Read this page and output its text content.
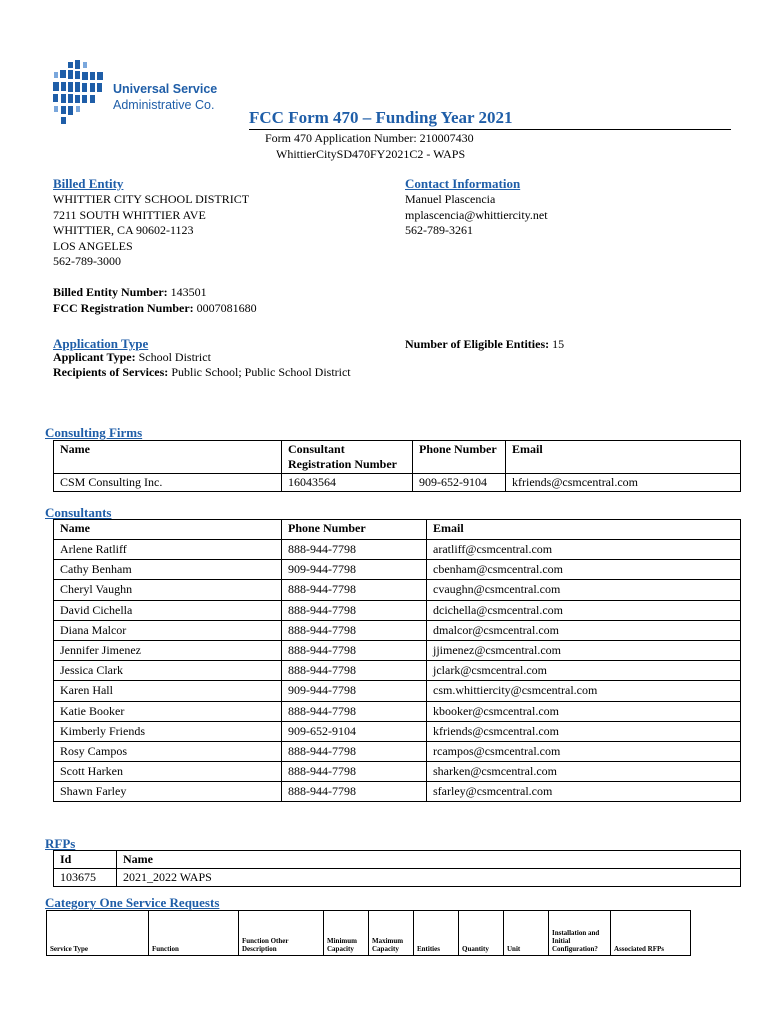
Universal Service
Administrative Co.
FCC Form 470 – Funding Year 2021
Form 470 Application Number: 210007430
WhittierCitySD470FY2021C2 - WAPS
Billed Entity
WHITTIER CITY SCHOOL DISTRICT
7211 SOUTH WHITTIER AVE
WHITTIER, CA 90602-1123
LOS ANGELES
562-789-3000
Contact Information
Manuel Plascencia
mplascencia@whittiercity.net
562-789-3261
Billed Entity Number: 143501
FCC Registration Number: 0007081680
Application Type
Applicant Type: School District
Recipients of Services: Public School; Public School District
Number of Eligible Entities: 15
Consulting Firms
Name	Consultant Registration Number	Phone Number	Email
CSM Consulting Inc.	16043564	909-652-9104	kfriends@csmcentral.com
Consultants
Name	Phone Number	Email
Arlene Ratliff	888-944-7798	aratliff@csmcentral.com
Cathy Benham	909-944-7798	cbenham@csmcentral.com
Cheryl Vaughn	888-944-7798	cvaughn@csmcentral.com
David Cichella	888-944-7798	dcichella@csmcentral.com
Diana Malcor	888-944-7798	dmalcor@csmcentral.com
Jennifer Jimenez	888-944-7798	jjimenez@csmcentral.com
Jessica Clark	888-944-7798	jclark@csmcentral.com
Karen Hall	909-944-7798	csm.whittiercity@csmcentral.com
Katie Booker	888-944-7798	kbooker@csmcentral.com
Kimberly Friends	909-652-9104	kfriends@csmcentral.com
Rosy Campos	888-944-7798	rcampos@csmcentral.com
Scott Harken	888-944-7798	sharken@csmcentral.com
Shawn Farley	888-944-7798	sfarley@csmcentral.com
RFPs
Id	Name
103675	2021_2022 WAPS
Category One Service Requests
Service Type	Function	Function Other Description	Minimum Capacity	Maximum Capacity	Entities	Quantity	Unit	Installation and Initial Configuration?	Associated RFPs
